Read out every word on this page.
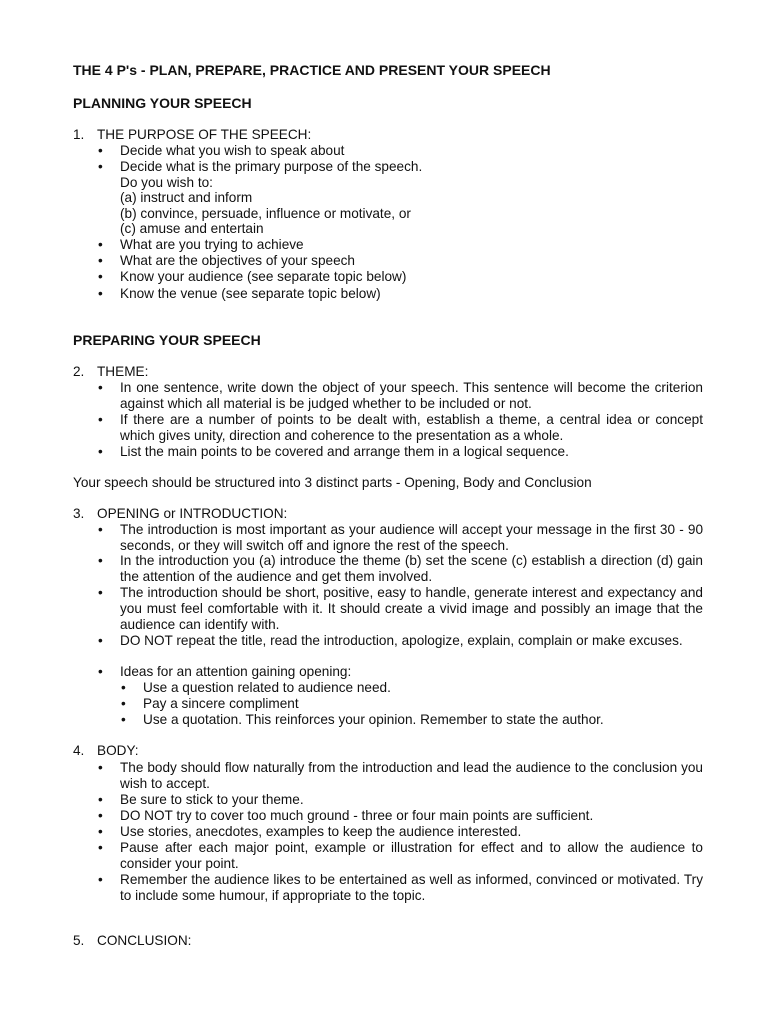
THE 4 P's - PLAN, PREPARE, PRACTICE AND PRESENT YOUR SPEECH
PLANNING YOUR SPEECH
1. THE PURPOSE OF THE SPEECH:
•	Decide what you wish to speak about
•	Decide what is the primary purpose of the speech.
Do you wish to:
(a) instruct and inform
(b) convince, persuade, influence or motivate, or
(c) amuse and entertain
•	What are you trying to achieve
•	What are the objectives of your speech
•	Know your audience (see separate topic below)
•	Know the venue (see separate topic below)
PREPARING YOUR SPEECH
2. THEME:
•	In one sentence, write down the object of your speech. This sentence will become the criterion against which all material is be judged whether to be included or not.
•	If there are a number of points to be dealt with, establish a theme, a central idea or concept which gives unity, direction and coherence to the presentation as a whole.
•	List the main points to be covered and arrange them in a logical sequence.
Your speech should be structured into 3 distinct parts - Opening, Body and Conclusion
3. OPENING or INTRODUCTION:
•	The introduction is most important as your audience will accept your message in the first 30 - 90 seconds, or they will switch off and ignore the rest of the speech.
•	In the introduction you (a) introduce the theme (b) set the scene (c) establish a direction (d) gain the attention of the audience and get them involved.
•	The introduction should be short, positive, easy to handle, generate interest and expectancy and you must feel comfortable with it. It should create a vivid image and possibly an image that the audience can identify with.
•	DO NOT repeat the title, read the introduction, apologize, explain, complain or make excuses.
•	Ideas for an attention gaining opening:
•	Use a question related to audience need.
•	Pay a sincere compliment
•	Use a quotation. This reinforces your opinion. Remember to state the author.
4. BODY:
•	The body should flow naturally from the introduction and lead the audience to the conclusion you wish to accept.
•	Be sure to stick to your theme.
•	DO NOT try to cover too much ground - three or four main points are sufficient.
•	Use stories, anecdotes, examples to keep the audience interested.
•	Pause after each major point, example or illustration for effect and to allow the audience to consider your point.
•	Remember the audience likes to be entertained as well as informed, convinced or motivated. Try to include some humour, if appropriate to the topic.
5. CONCLUSION:
